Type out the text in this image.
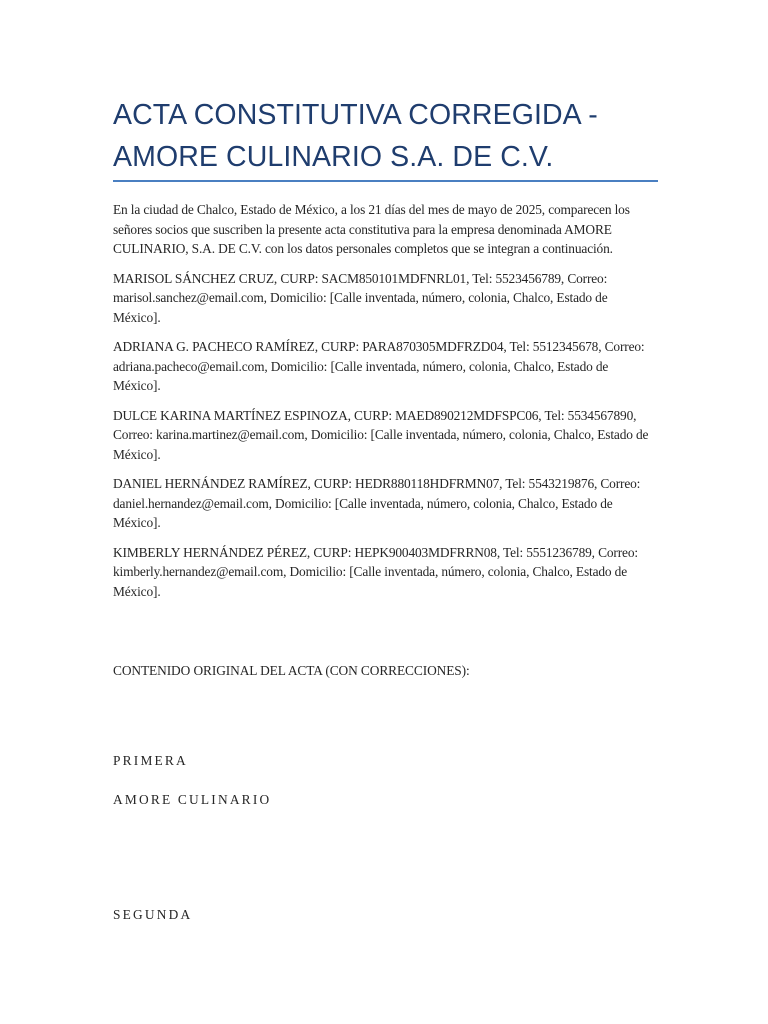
ACTA CONSTITUTIVA CORREGIDA -
AMORE CULINARIO S.A. DE C.V.

En la ciudad de Chalco, Estado de México, a los 21 días del mes de mayo de 2025, comparecen los señores socios que suscriben la presente acta constitutiva para la empresa denominada AMORE CULINARIO, S.A. DE C.V. con los datos personales completos que se integran a continuación.

MARISOL SÁNCHEZ CRUZ, CURP: SACM850101MDFNRL01, Tel: 5523456789, Correo: marisol.sanchez@email.com, Domicilio: [Calle inventada, número, colonia, Chalco, Estado de México].

ADRIANA G. PACHECO RAMÍREZ, CURP: PARA870305MDFRZD04, Tel: 5512345678, Correo: adriana.pacheco@email.com, Domicilio: [Calle inventada, número, colonia, Chalco, Estado de México].

DULCE KARINA MARTÍNEZ ESPINOZA, CURP: MAED890212MDFSPC06, Tel: 5534567890, Correo: karina.martinez@email.com, Domicilio: [Calle inventada, número, colonia, Chalco, Estado de México].

DANIEL HERNÁNDEZ RAMÍREZ, CURP: HEDR880118HDFRMN07, Tel: 5543219876, Correo: daniel.hernandez@email.com, Domicilio: [Calle inventada, número, colonia, Chalco, Estado de México].

KIMBERLY HERNÁNDEZ PÉREZ, CURP: HEPK900403MDFRRN08, Tel: 5551236789, Correo: kimberly.hernandez@email.com, Domicilio: [Calle inventada, número, colonia, Chalco, Estado de México].

CONTENIDO ORIGINAL DEL ACTA (CON CORRECCIONES):

PRIMERA

AMORE CULINARIO

SEGUNDA
